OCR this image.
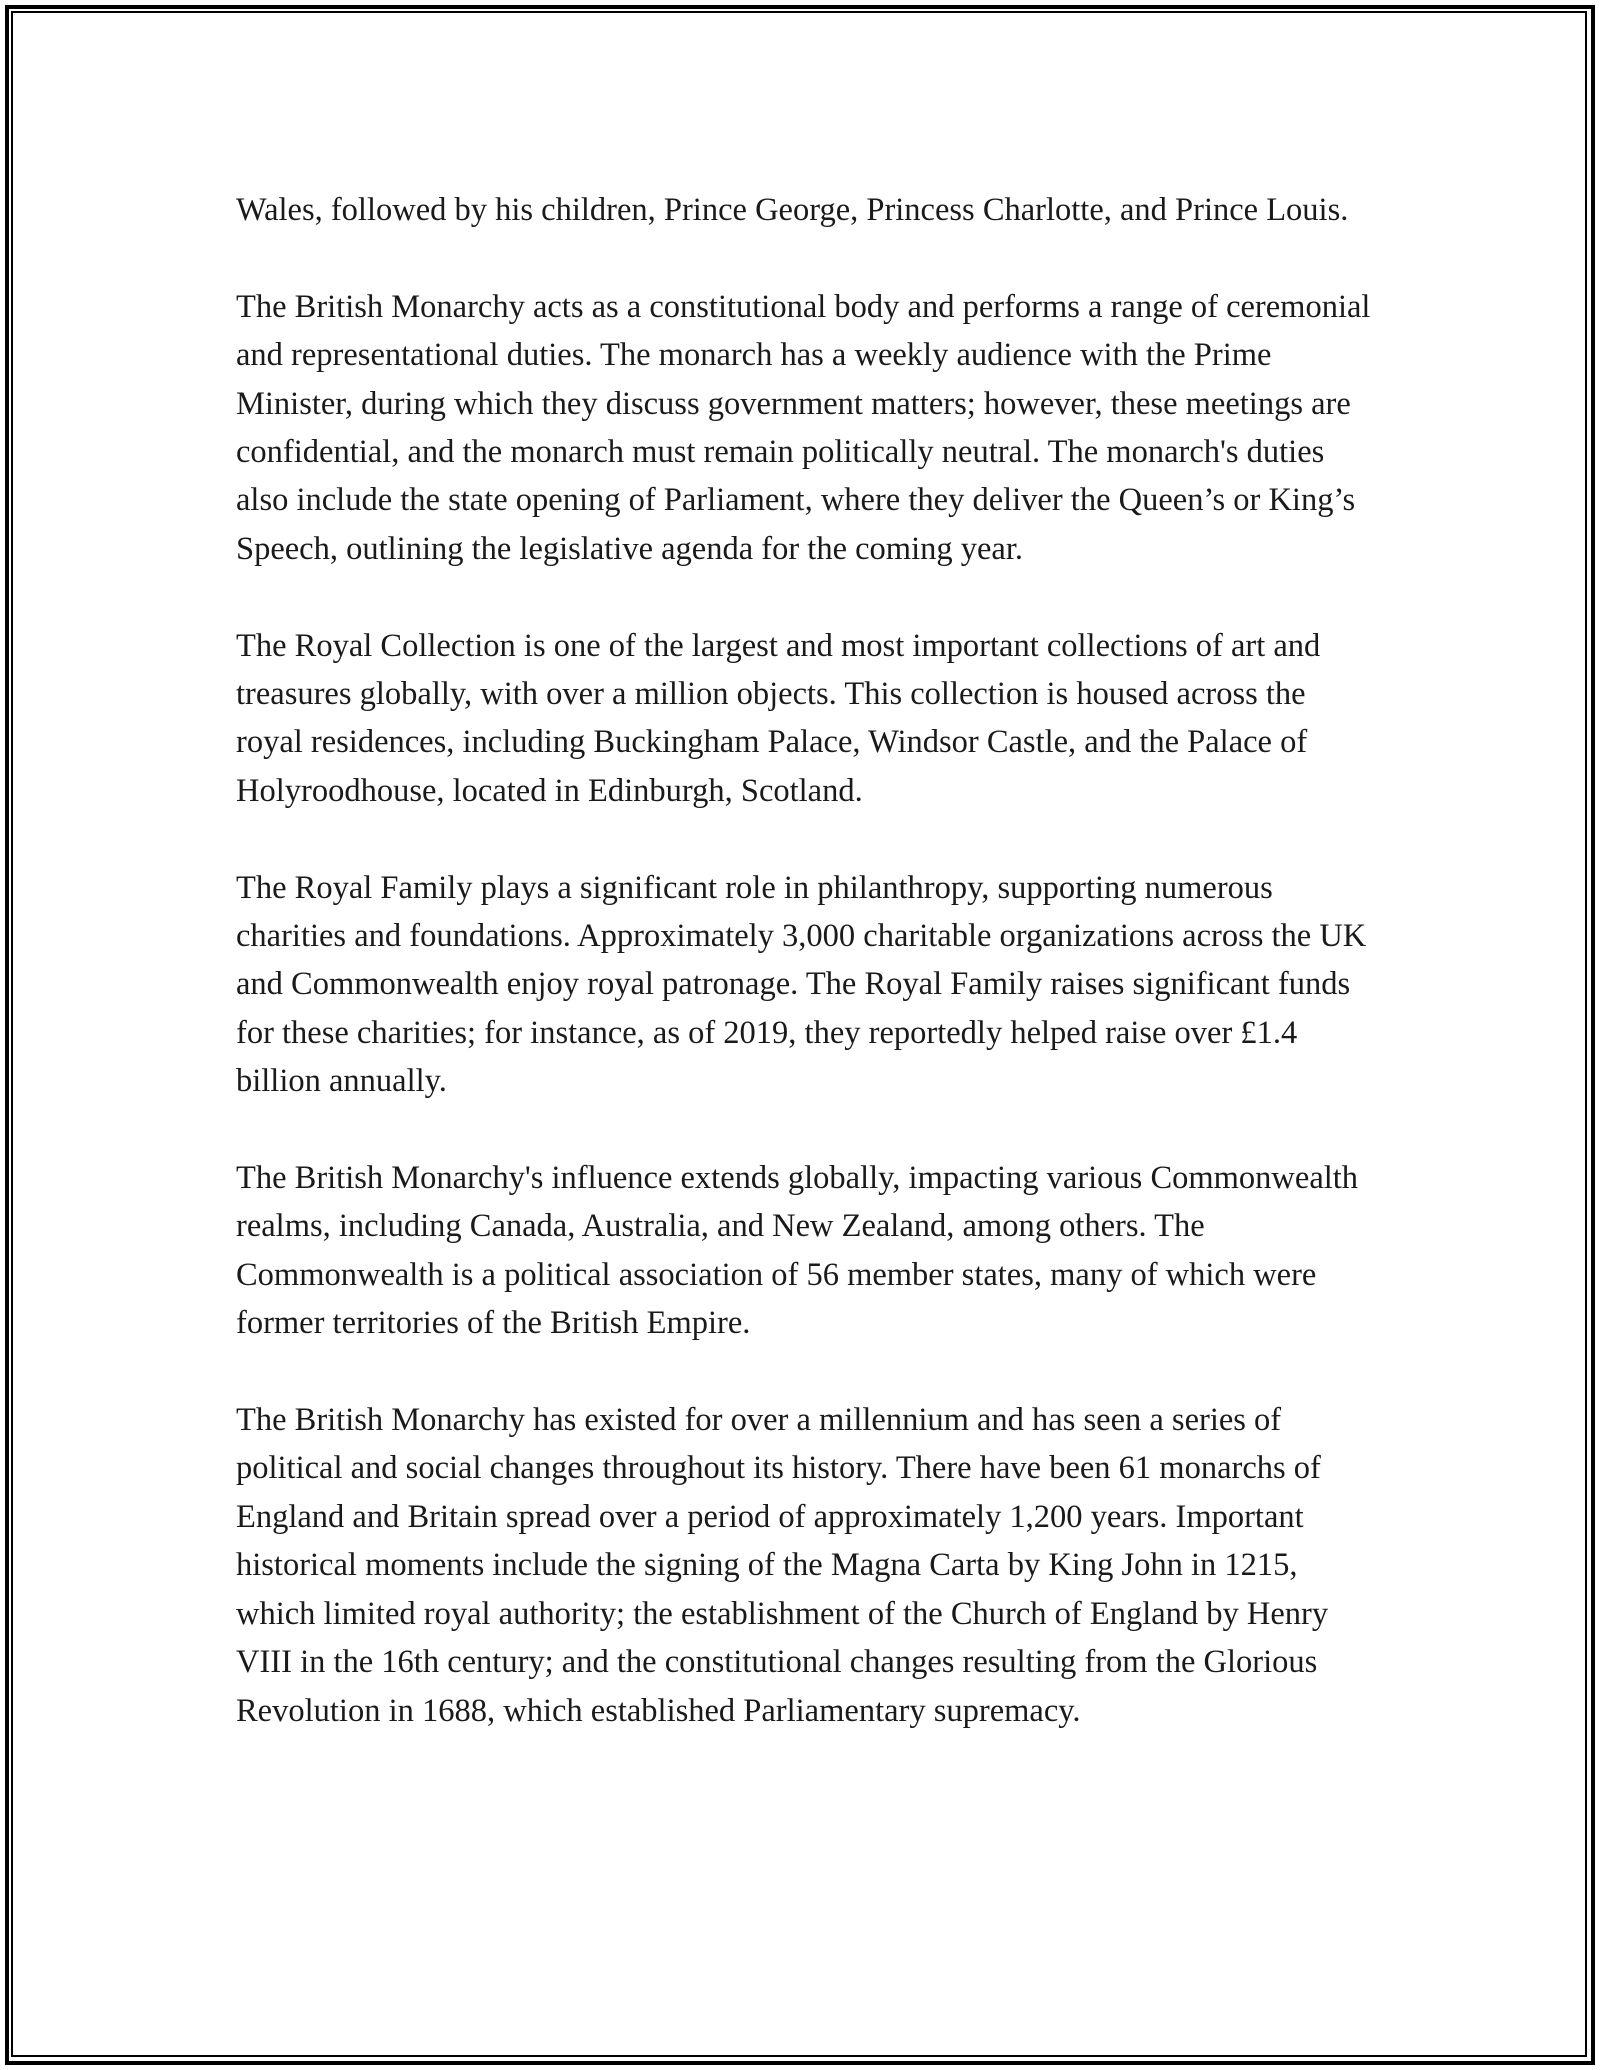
Wales, followed by his children, Prince George, Princess Charlotte, and Prince Louis.

The British Monarchy acts as a constitutional body and performs a range of ceremonial and representational duties. The monarch has a weekly audience with the Prime Minister, during which they discuss government matters; however, these meetings are confidential, and the monarch must remain politically neutral. The monarch's duties also include the state opening of Parliament, where they deliver the Queen’s or King’s Speech, outlining the legislative agenda for the coming year.

The Royal Collection is one of the largest and most important collections of art and treasures globally, with over a million objects. This collection is housed across the royal residences, including Buckingham Palace, Windsor Castle, and the Palace of Holyroodhouse, located in Edinburgh, Scotland.

The Royal Family plays a significant role in philanthropy, supporting numerous charities and foundations. Approximately 3,000 charitable organizations across the UK and Commonwealth enjoy royal patronage. The Royal Family raises significant funds for these charities; for instance, as of 2019, they reportedly helped raise over £1.4 billion annually.

The British Monarchy's influence extends globally, impacting various Commonwealth realms, including Canada, Australia, and New Zealand, among others. The Commonwealth is a political association of 56 member states, many of which were former territories of the British Empire.

The British Monarchy has existed for over a millennium and has seen a series of political and social changes throughout its history. There have been 61 monarchs of England and Britain spread over a period of approximately 1,200 years. Important historical moments include the signing of the Magna Carta by King John in 1215, which limited royal authority; the establishment of the Church of England by Henry VIII in the 16th century; and the constitutional changes resulting from the Glorious Revolution in 1688, which established Parliamentary supremacy.
